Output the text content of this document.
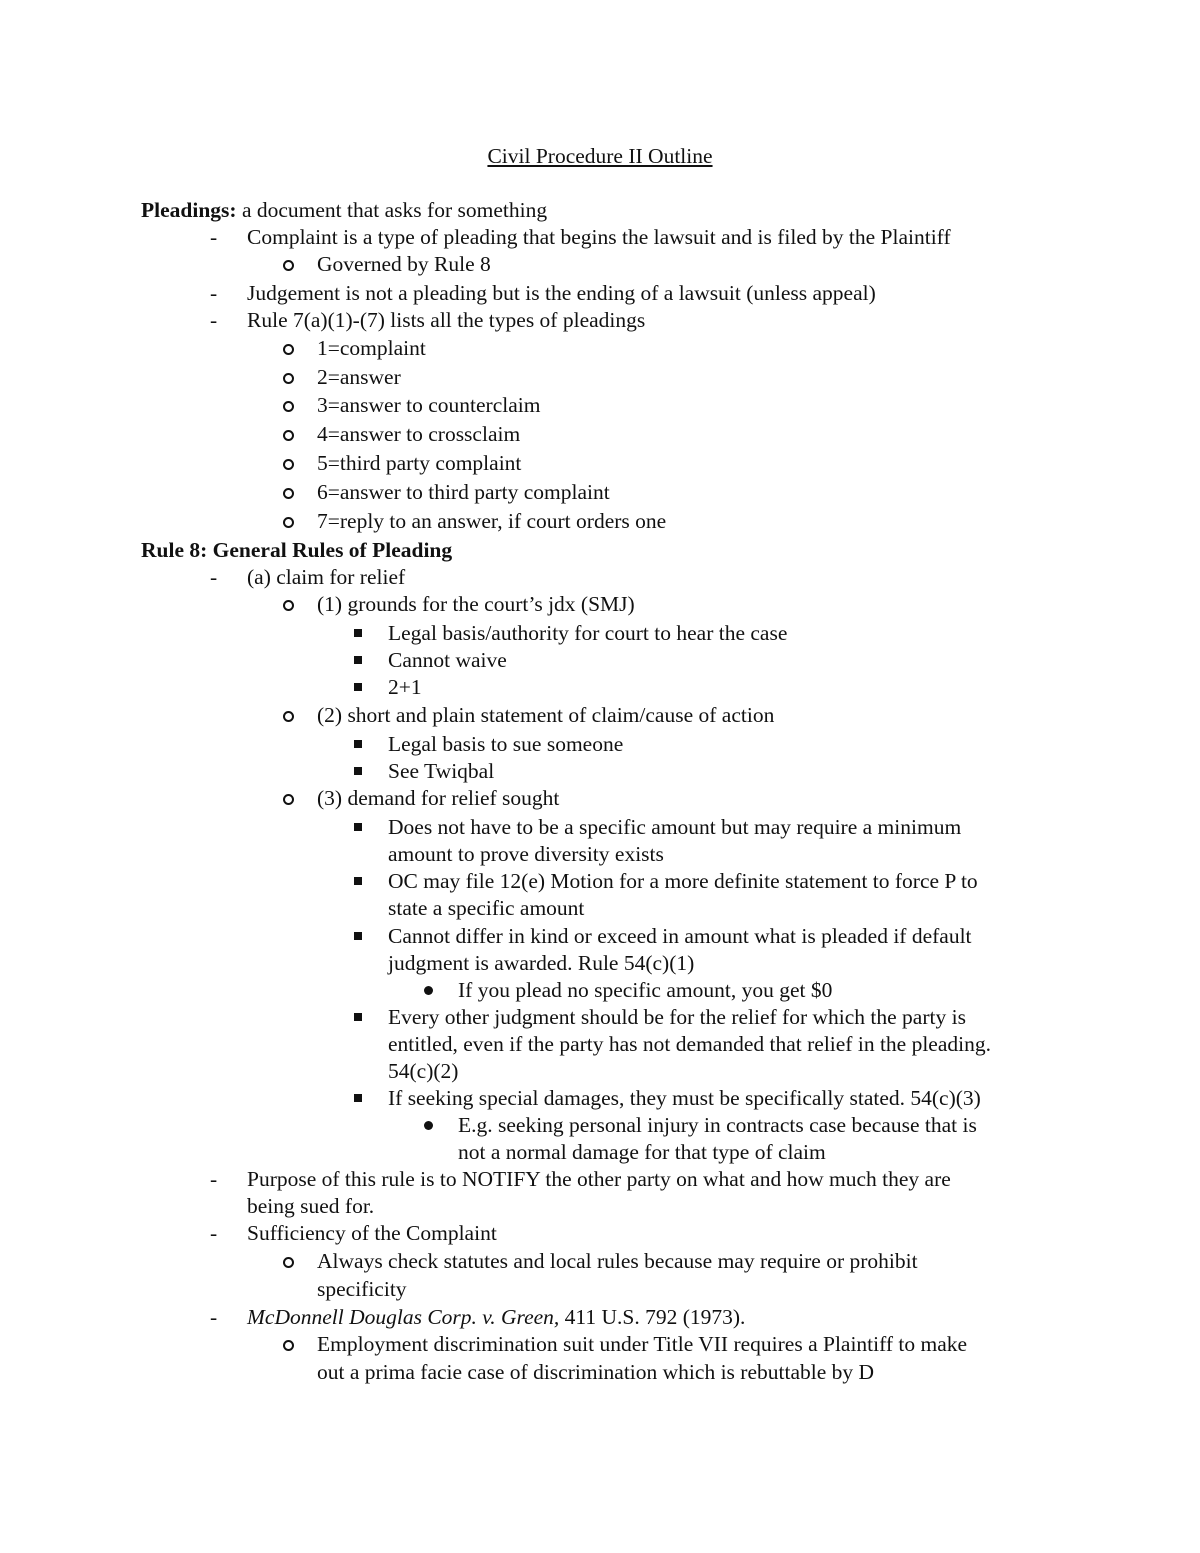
Civil Procedure II Outline
Pleadings: a document that asks for something
- Complaint is a type of pleading that begins the lawsuit and is filed by the Plaintiff
Governed by Rule 8
- Judgement is not a pleading but is the ending of a lawsuit (unless appeal)
- Rule 7(a)(1)-(7) lists all the types of pleadings
1=complaint
2=answer
3=answer to counterclaim
4=answer to crossclaim
5=third party complaint
6=answer to third party complaint
7=reply to an answer, if court orders one
Rule 8: General Rules of Pleading
- (a) claim for relief
(1) grounds for the court’s jdx (SMJ)
Legal basis/authority for court to hear the case
Cannot waive
2+1
(2) short and plain statement of claim/cause of action
Legal basis to sue someone
See Twiqbal
(3) demand for relief sought
Does not have to be a specific amount but may require a minimum
amount to prove diversity exists
OC may file 12(e) Motion for a more definite statement to force P to
state a specific amount
Cannot differ in kind or exceed in amount what is pleaded if default
judgment is awarded. Rule 54(c)(1)
If you plead no specific amount, you get $0
Every other judgment should be for the relief for which the party is
entitled, even if the party has not demanded that relief in the pleading.
54(c)(2)
If seeking special damages, they must be specifically stated. 54(c)(3)
E.g. seeking personal injury in contracts case because that is
not a normal damage for that type of claim
- Purpose of this rule is to NOTIFY the other party on what and how much they are
being sued for.
- Sufficiency of the Complaint
Always check statutes and local rules because may require or prohibit
specificity
- McDonnell Douglas Corp. v. Green, 411 U.S. 792 (1973).
Employment discrimination suit under Title VII requires a Plaintiff to make
out a prima facie case of discrimination which is rebuttable by D
